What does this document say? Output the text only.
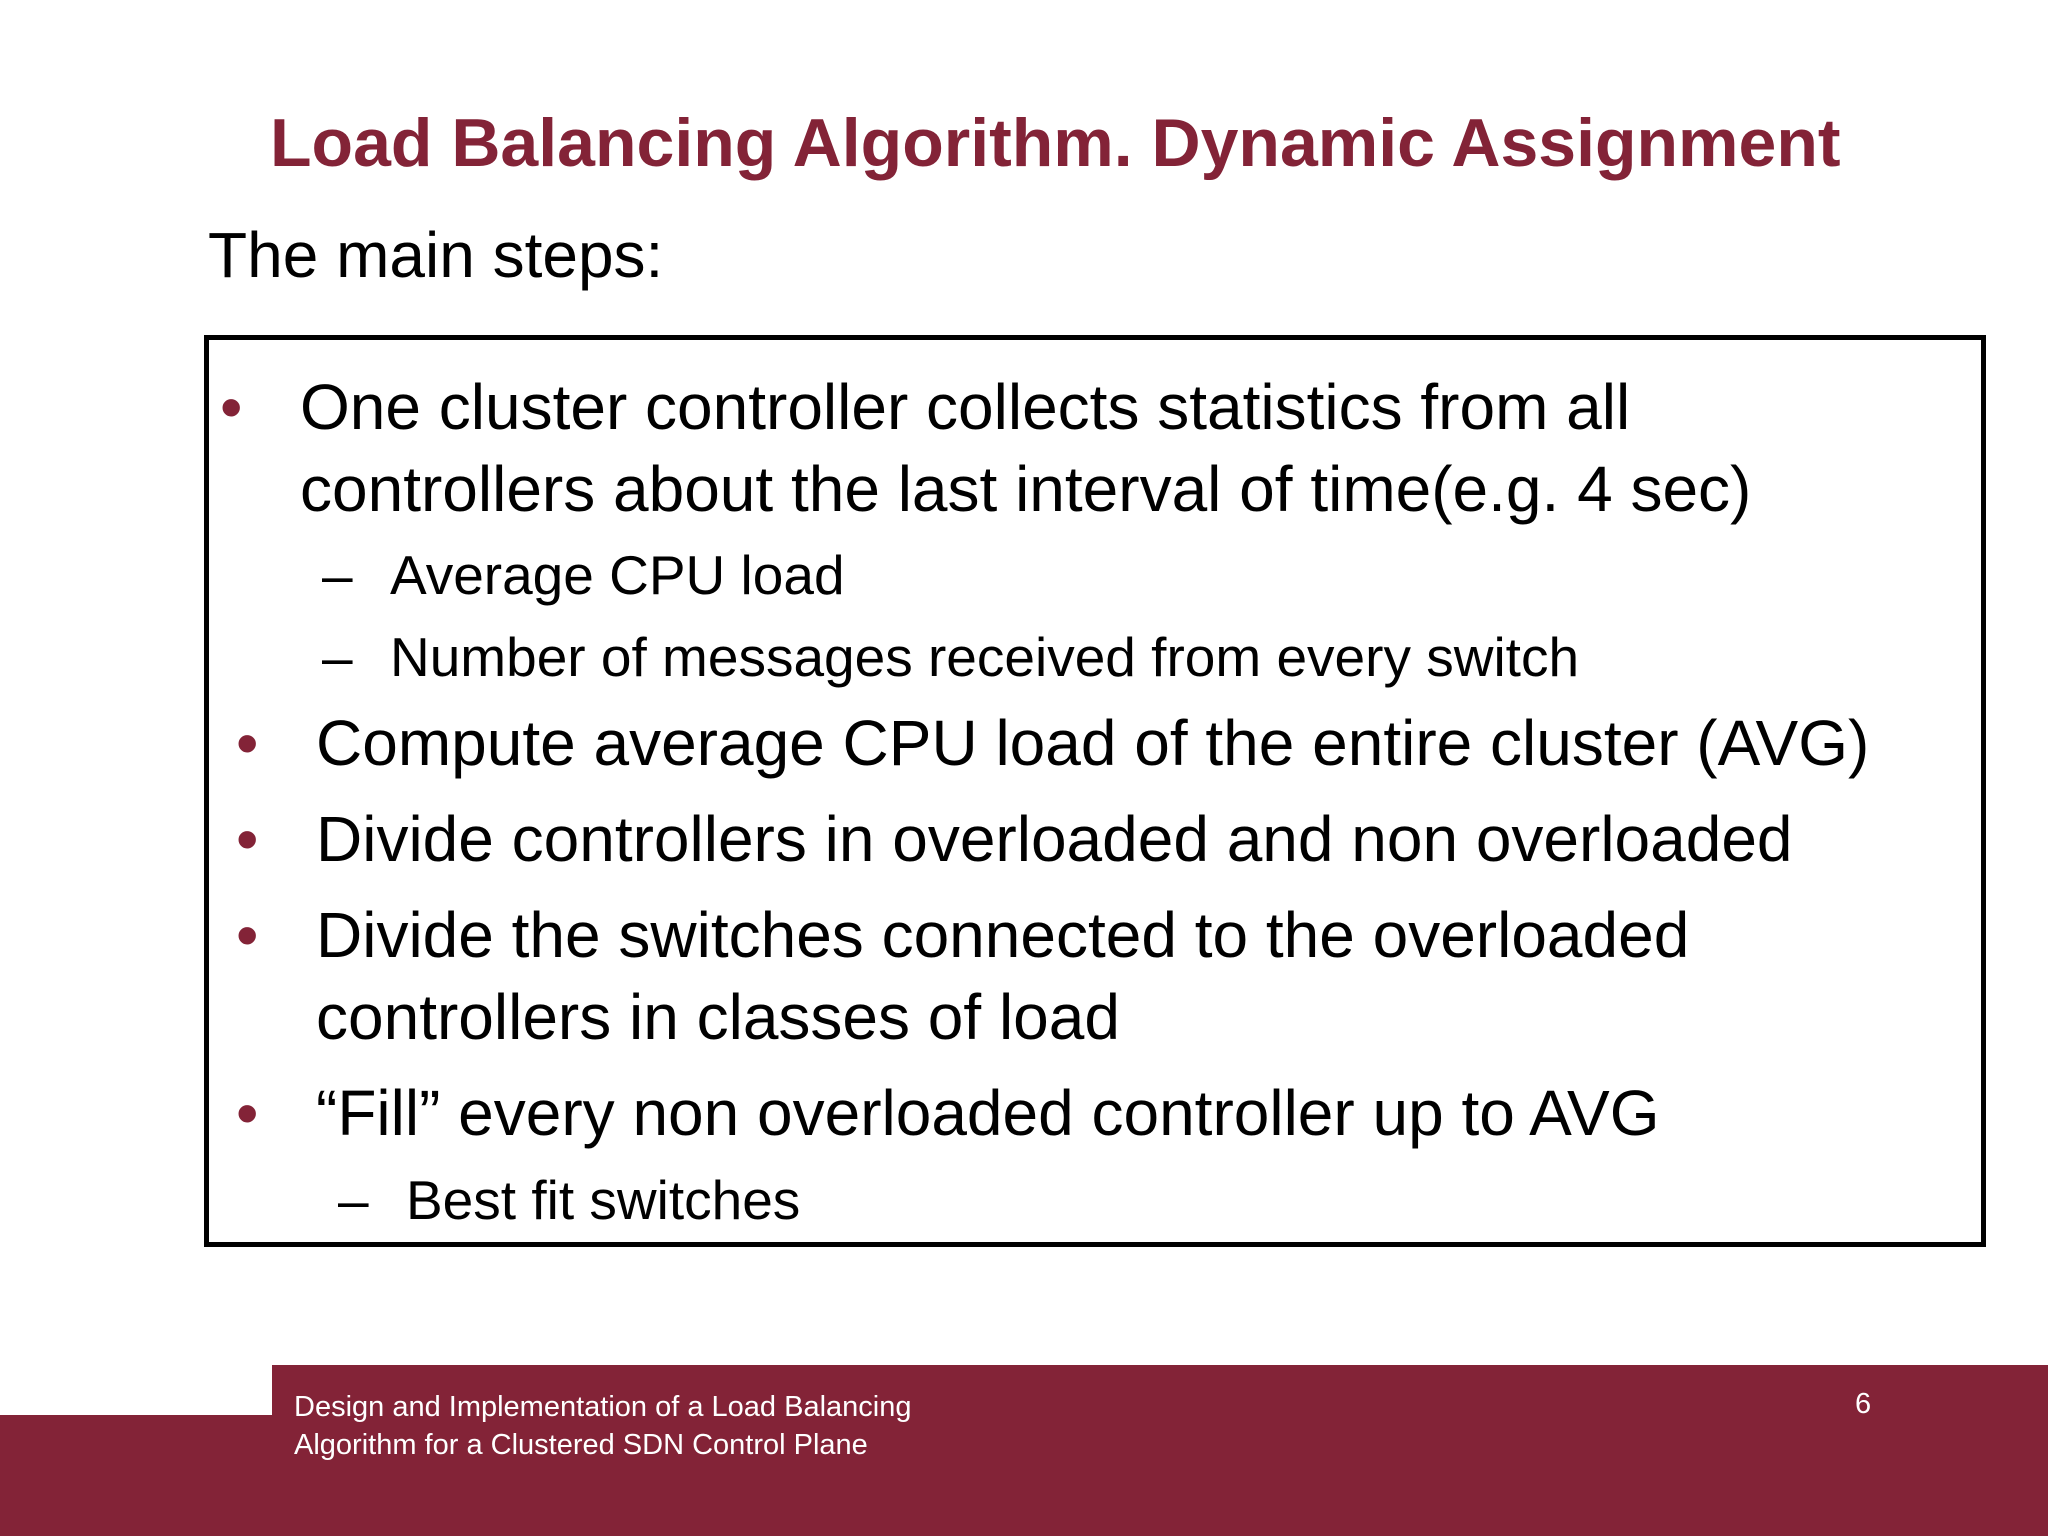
Load Balancing Algorithm. Dynamic Assignment
The main steps:
• One cluster controller collects statistics from all
controllers about the last interval of time(e.g. 4 sec)
– Average CPU load
– Number of messages received from every switch
• Compute average CPU load of the entire cluster (AVG)
• Divide controllers in overloaded and non overloaded
• Divide the switches connected to the overloaded
controllers in classes of load
• “Fill” every non overloaded controller up to AVG
– Best fit switches
Design and Implementation of a Load Balancing
Algorithm for a Clustered SDN Control Plane
6
